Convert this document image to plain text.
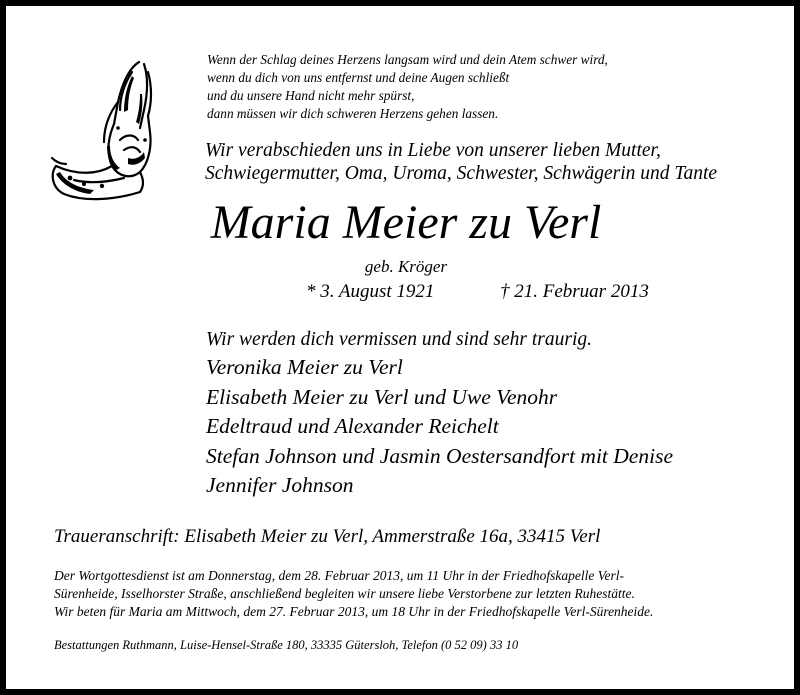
Wenn der Schlag deines Herzens langsam wird und dein Atem schwer wird,
wenn du dich von uns entfernst und deine Augen schließt
und du unsere Hand nicht mehr spürst,
dann müssen wir dich schweren Herzens gehen lassen.
Wir verabschieden uns in Liebe von unserer lieben Mutter,
Schwiegermutter, Oma, Uroma, Schwester, Schwägerin und Tante
Maria Meier zu Verl
geb. Kröger
* 3. August 1921	† 21. Februar 2013
Wir werden dich vermissen und sind sehr traurig.
Veronika Meier zu Verl
Elisabeth Meier zu Verl und Uwe Venohr
Edeltraud und Alexander Reichelt
Stefan Johnson und Jasmin Oestersandfort mit Denise
Jennifer Johnson
Traueranschrift: Elisabeth Meier zu Verl, Ammerstraße 16a, 33415 Verl
Der Wortgottesdienst ist am Donnerstag, dem 28. Februar 2013, um 11 Uhr in der Friedhofskapelle Verl-
Sürenheide, Isselhorster Straße, anschließend begleiten wir unsere liebe Verstorbene zur letzten Ruhestätte.
Wir beten für Maria am Mittwoch, dem 27. Februar 2013, um 18 Uhr in der Friedhofskapelle Verl-Sürenheide.
Bestattungen Ruthmann, Luise-Hensel-Straße 180, 33335 Gütersloh, Telefon (0 52 09) 33 10
